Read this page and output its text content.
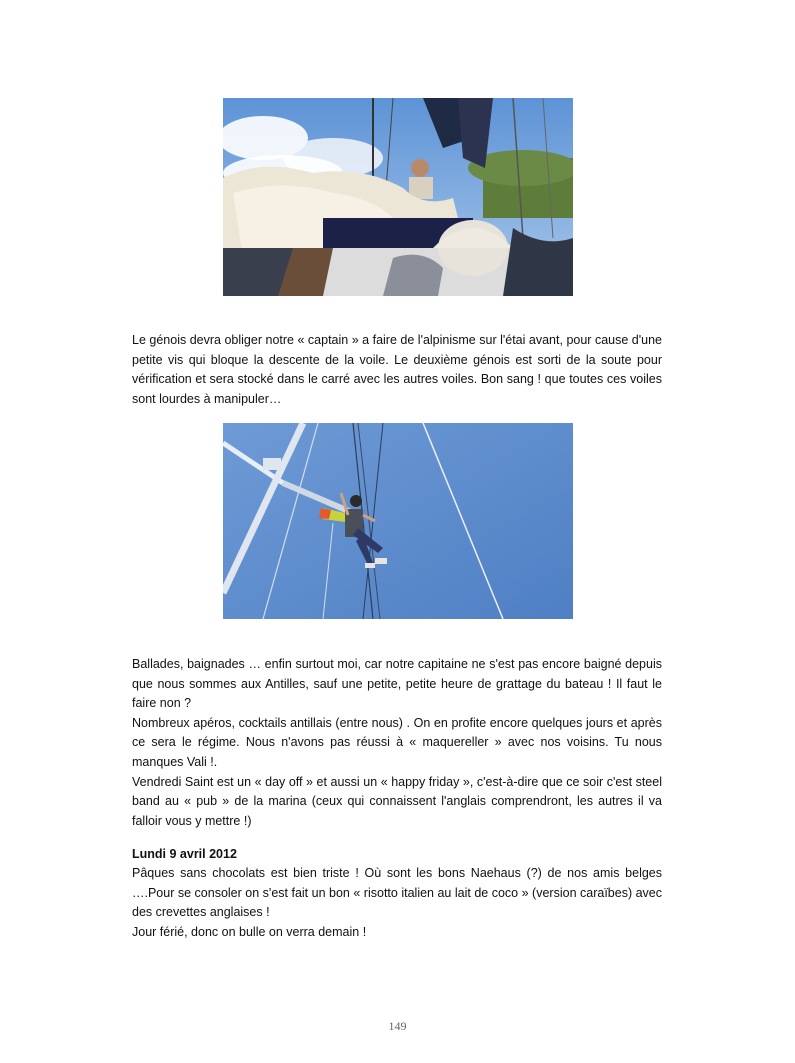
Le génois devra obliger notre « captain » a faire de l'alpinisme sur l'étai avant, pour cause d'une petite vis qui bloque la descente de la voile. Le deuxième génois est sorti de la soute pour vérification et sera stocké dans le carré avec les autres voiles. Bon sang ! que toutes ces voiles sont lourdes à manipuler…

Ballades, baignades … enfin surtout moi, car notre capitaine ne s'est pas encore baigné depuis que nous sommes aux Antilles, sauf une petite, petite heure de grattage du bateau ! Il faut le faire non ?
Nombreux apéros, cocktails antillais (entre nous) . On en profite encore quelques jours et après ce sera le régime. Nous n'avons pas réussi à « maquereller » avec nos voisins. Tu nous manques Vali !.
Vendredi Saint est un « day off » et aussi un « happy friday », c'est-à-dire que ce soir c'est steel band au « pub » de la marina (ceux qui connaissent l'anglais comprendront, les autres il va falloir vous y mettre !)

Lundi 9 avril 2012

Pâques sans chocolats est bien triste ! Où sont les bons Naehaus (?) de nos amis belges ….Pour se consoler on s'est fait un bon « risotto italien au lait de coco » (version caraïbes) avec des crevettes anglaises !
Jour férié, donc on bulle on verra demain !
149
